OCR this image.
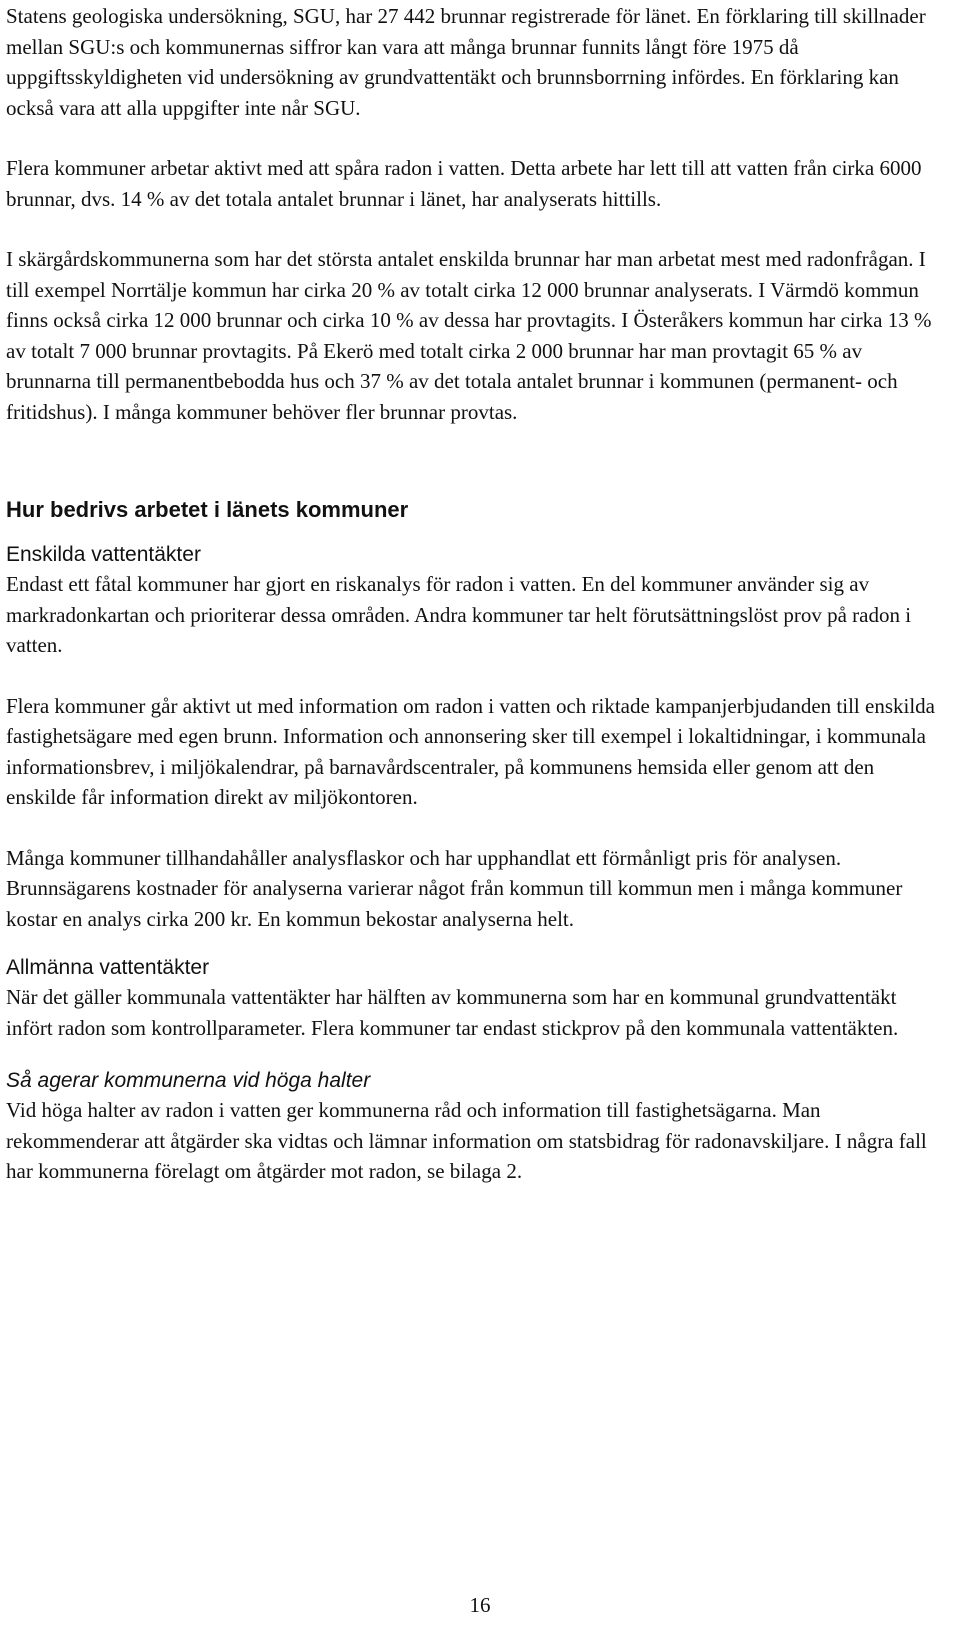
Statens geologiska undersökning, SGU, har 27 442 brunnar registrerade för länet. En förklaring till skillnader mellan SGU:s och kommunernas siffror kan vara att många brunnar funnits långt före 1975 då uppgiftsskyldigheten vid undersökning av grundvattentäkt och brunnsborrning infördes. En förklaring kan också vara att alla uppgifter inte når SGU.

Flera kommuner arbetar aktivt med att spåra radon i vatten. Detta arbete har lett till att vatten från cirka 6000 brunnar, dvs. 14 % av det totala antalet brunnar i länet, har analyserats hittills.

I skärgårdskommunerna som har det största antalet enskilda brunnar har man arbetat mest med radonfrågan. I till exempel Norrtälje kommun har cirka 20 % av totalt cirka 12 000 brunnar analyserats. I Värmdö kommun finns också cirka 12 000 brunnar och cirka 10 % av dessa har provtagits. I Österåkers kommun har cirka 13 % av totalt 7 000 brunnar provtagits. På Ekerö med totalt cirka 2 000 brunnar har man provtagit 65 % av brunnarna till permanentbebodda hus och 37 % av det totala antalet brunnar i kommunen (permanent- och fritidshus). I många kommuner behöver fler brunnar provtas.

Hur bedrivs arbetet i länets kommuner
Enskilda vattentäkter

Endast ett fåtal kommuner har gjort en riskanalys för radon i vatten. En del kommuner använder sig av markradonkartan och prioriterar dessa områden. Andra kommuner tar helt förutsättningslöst prov på radon i vatten.

Flera kommuner går aktivt ut med information om radon i vatten och riktade kampanjerbjudanden till enskilda fastighetsägare med egen brunn. Information och annonsering sker till exempel i lokaltidningar, i kommunala informationsbrev, i miljökalendrar, på barnavårdscentraler, på kommunens hemsida eller genom att den enskilde får information direkt av miljökontoren.

Många kommuner tillhandahåller analysflaskor och har upphandlat ett förmånligt pris för analysen. Brunnsägarens kostnader för analyserna varierar något från kommun till kommun men i många kommuner kostar en analys cirka 200 kr. En kommun bekostar analyserna helt.

Allmänna vattentäkter

När det gäller kommunala vattentäkter har hälften av kommunerna som har en kommunal grundvattentäkt infört radon som kontrollparameter. Flera kommuner tar endast stickprov på den kommunala vattentäkten.

Så agerar kommunerna vid höga halter

Vid höga halter av radon i vatten ger kommunerna råd och information till fastighetsägarna. Man rekommenderar att åtgärder ska vidtas och lämnar information om statsbidrag för radonavskiljare. I några fall har kommunerna förelagt om åtgärder mot radon, se bilaga 2.

16
